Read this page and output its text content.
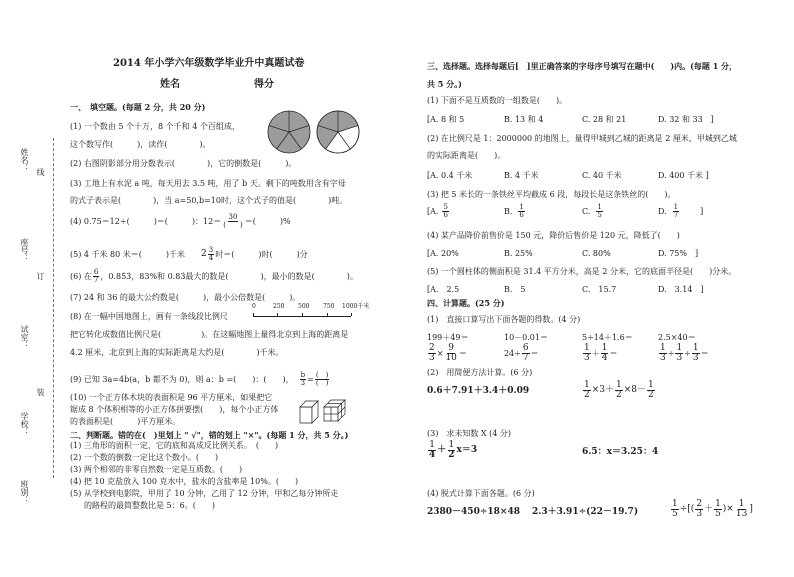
姓名： 线
座号：
订
试室：
装
学校：
班别：
2014 年小学六年级数学毕业升中真题试卷
姓名	得分
一、　填空题。(每题 2 分，共 20 分)
(1) 一个数由 5 个十万，8 个千和 4 个百组成，
这个数写作(　　　)，读作(　　　　)。
(2) 右图阴影部分用分数表示(　　　　)，它的倒数是(　　　)。
(3) 工地上有水泥 a 吨，每天用去 3.5 吨，用了 b 天。剩下的吨数用含有字母
的式子表示是(　　　　)，当 a=50,b=10时，这个式子的值是(　　　　)吨。
(4) 0.75＝12÷(　　　)＝(　　　)：$12= \frac{30}{( )}$ ＝(　　　)%
(5) 4 千米 80 米＝(　　　)千米 $2 \frac{3}{4}$ 时＝(　　　)时(　　　)分
(6) 在 $\frac{6}{7}$ ，0.8 5̇3̇ ，83%和 0.8 3̇ 最大的数是(　　　　)，最小的数是(　　　　)。
(7) 24 和 36 的最大公约数是(　　　)，最小公倍数是(　　　)。
(8) 在一幅中国地图上，画有一条线段比例尺
0	250 500 750 1000千米
把它转化成数值比例尺是(　　　　　)。在这幅地图上量得北京到上海的距离是
4.2 厘米，北京到上海的实际距离是大约是(　　　　)千米。
(9) 已知 3a=4b(a，b 都不为 0)，则 a：b =(　　)：(　　)， $\frac{b}{3} = \frac{( )}{( )}$
(10) 一个正方体木块的表面积是 96 平方厘米，如果把它
锯成 8 个体积相等的小正方体拼要摆(　　)，每个小正方体
的表面积是(　　　)平方厘米。
二、判断题。错的在(　)里划上 " √"，错的划上 "×"。(每题 1 分，共 5 分。)
(1) 三角形的面积一定，它的底和高成反比例关系。　(　　)
(2) 一个数的倒数一定比这个数小。(　　)
(3) 两个相邻的非零自然数一定是互质数。(　　)
(4) 把 10 克盐放入 100 克水中，盐水的含盐率是 10%。(　　)
(5) 从学校到电影院，甲用了 10 分钟，乙用了 12 分钟，甲和乙每分钟所走
的路程的最简整数比是 5：6。(　　)
三、选择题。选择每题后[　]里正确答案的字母序号填写在题中(　　)内。(每题 1 分，
共 5 分。)
(1) 下面不是互质数的一组数是(　　)。
[A. 8 和 5	B. 13 和 4	C. 28 和 21	D. 32 和 33　]
(2) 在比例尺是 1：2000000 的地图上，量得甲城到乙城的距离是 2 厘米，甲城到乙城
的实际距离是(　　)。
[A. 0.4 千米	B. 4 千米	C. 40 千米	D. 400 千米 ]
(3) 把 5 米长的一条铁丝平均截成 6 段，每段长是这条铁丝的(　　)。
[A. $\frac{5}{6}$	B. $\frac{1}{6}$	C. $\frac{1}{5}$	D. $\frac{1}{7}$	]
(4) 某产品降价前售价是 150 元，降价后售价是 120 元，降低了(　　)
[A. 20%	B. 25%	C. 80%	D. 75%　]
(5) 一个圆柱体的侧面积是 31.4 平方分米，高是 2 分米，它的底面半径是(　　)分米。
[A.　2.5	B.　5	C.　15.7	D.　3.14　]
四、计算题。(25 分)
(1)　直接口算写出下面各题的得数。(4 分)
199＋49＝	10－0.01＝	5÷14＋1.6＝	2.5×40＝
$\frac{2}{3} \times \frac{9}{10}$ ＝	$24\div \frac{6}{7}$ ＝	$\frac{1}{3} + \frac{1}{4}$ ＝	$\frac{1}{3} \div \frac{1}{3} \div \frac{1}{3}$ ＝
(2)　用简便方法计算。(6 分)
0.6＋7.91＋3.4＋0.09	$\frac{1}{2} \times 3+ \frac{1}{2} \times 8- \frac{1}{2}$
(3)　求未知数 X (4 分)
$\frac{1}{4} + \frac{1}{2} x=3$	6.5：x＝3.25：4
(4) 脱式计算下面各题。(6 分)
2380－450÷18×48 2.3＋3.91÷(22－19.7)	$\frac{1}{5}$ ÷[( $\frac{2}{3} + \frac{1}{5}$ )× $\frac{1}{13}$ ]
